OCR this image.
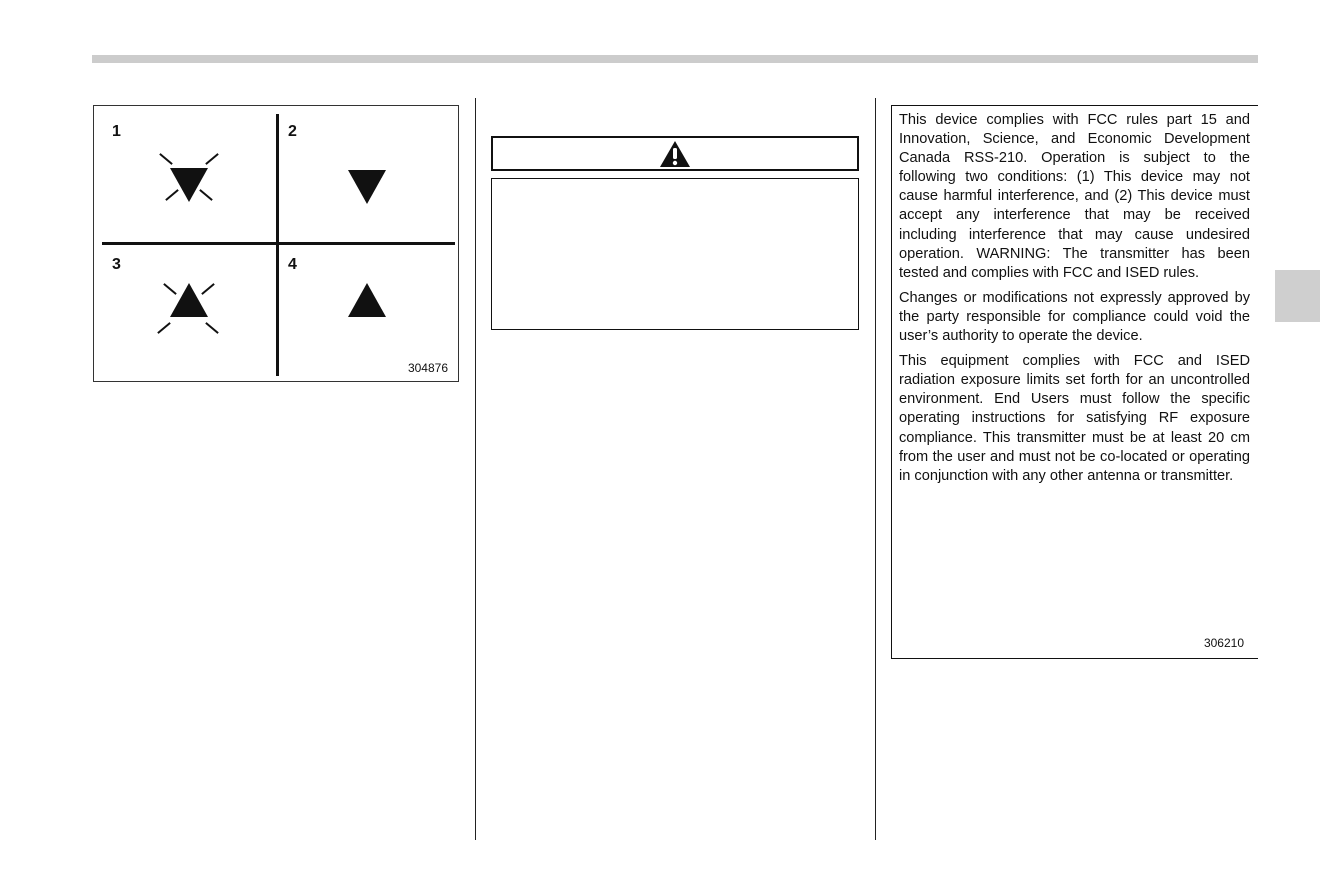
1	2
3	4
304876

This device complies with FCC rules part 15 and Innovation, Science, and Economic Development Canada RSS-210. Operation is subject to the following two conditions: (1) This device may not cause harmful interference, and (2) This device must accept any interference that may be received including interference that may cause undesired operation. WARNING: The transmitter has been tested and complies with FCC and ISED rules.

Changes or modifications not expressly approved by the party responsible for compliance could void the user’s authority to operate the device.

This equipment complies with FCC and ISED radiation exposure limits set forth for an uncontrolled environment. End Users must follow the specific operating instructions for satisfying RF exposure compliance. This transmitter must be at least 20 cm from the user and must not be co-located or operating in conjunction with any other antenna or transmitter.

306210
